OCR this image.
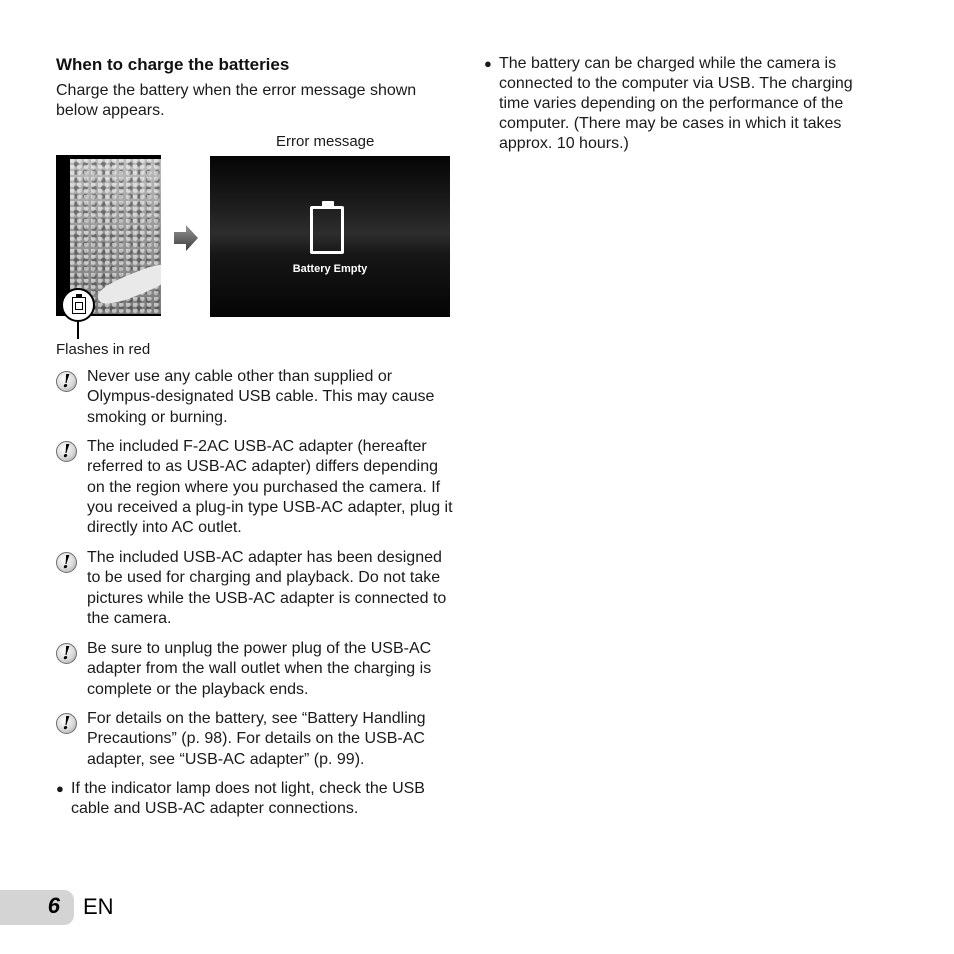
When to charge the batteries
Charge the battery when the error message shown below appears.
Error message
Battery Empty
Flashes in red
!	Never use any cable other than supplied or Olympus-designated USB cable. This may cause smoking or burning.
!	The included F-2AC USB-AC adapter (hereafter referred to as USB-AC adapter) differs depending on the region where you purchased the camera. If you received a plug-in type USB-AC adapter, plug it directly into AC outlet.
!	The included USB-AC adapter has been designed to be used for charging and playback. Do not take pictures while the USB-AC adapter is connected to the camera.
!	Be sure to unplug the power plug of the USB-AC adapter from the wall outlet when the charging is complete or the playback ends.
!	For details on the battery, see “Battery Handling Precautions” (p. 98). For details on the USB-AC adapter, see “USB-AC adapter” (p. 99).
● If the indicator lamp does not light, check the USB cable and USB-AC adapter connections.
● The battery can be charged while the camera is connected to the computer via USB. The charging time varies depending on the performance of the computer. (There may be cases in which it takes approx. 10 hours.)
6 EN
